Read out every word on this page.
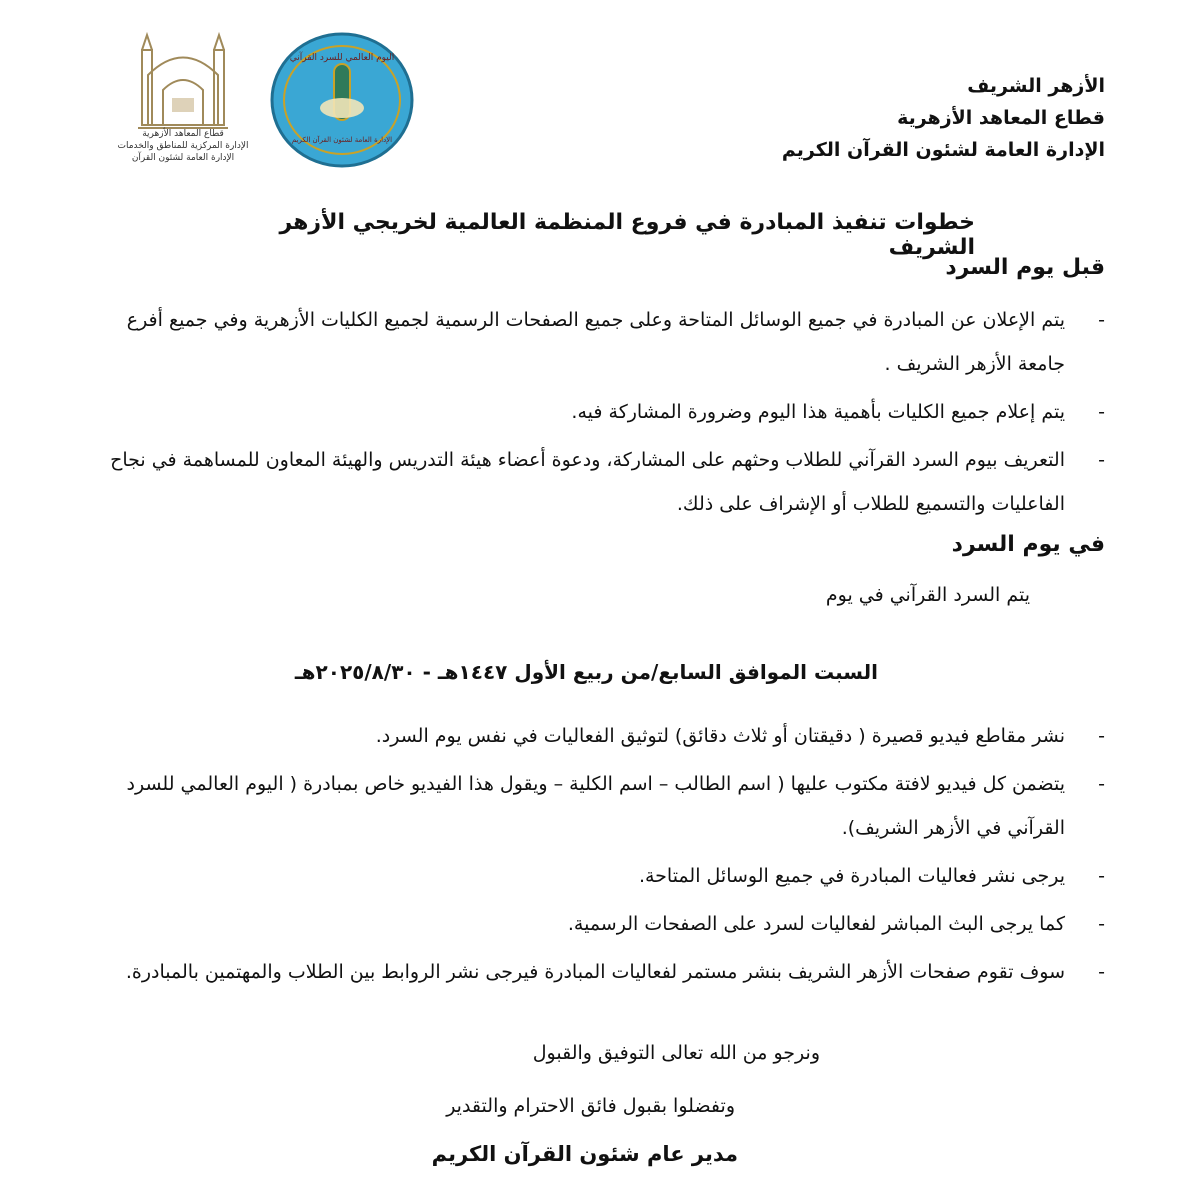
الأزهر الشريف
قطاع المعاهد الأزهرية
الإدارة العامة لشئون القرآن الكريم
اليوم العالمي للسرد القرآني
الإدارة العامة لشئون القرآن الكريم
قطاع المعاهد الأزهرية
الإدارة المركزية للمناطق والخدمات
الإدارة العامة لشئون القرآن
خطوات تنفيذ المبادرة في فروع المنظمة العالمية لخريجي الأزهر الشريف
قبل يوم السرد
-
يتم الإعلان عن المبادرة في جميع الوسائل المتاحة وعلى جميع الصفحات الرسمية لجميع الكليات الأزهرية وفي جميع أفرع جامعة الأزهر الشريف .
-
يتم إعلام جميع الكليات بأهمية هذا اليوم وضرورة المشاركة فيه.
-
التعريف بيوم السرد القرآني للطلاب وحثهم على المشاركة، ودعوة أعضاء هيئة التدريس والهيئة المعاون للمساهمة في نجاح الفاعليات والتسميع للطلاب أو الإشراف على ذلك.
في يوم السرد
يتم السرد القرآني في يوم
السبت الموافق السابع/من ربيع الأول ١٤٤٧هـ - ٢٠٢٥/٨/٣٠هـ
-
نشر مقاطع فيديو قصيرة ( دقيقتان أو ثلاث دقائق) لتوثيق الفعاليات في نفس يوم السرد.
-
يتضمن كل فيديو لافتة مكتوب عليها ( اسم الطالب – اسم الكلية – ويقول هذا الفيديو خاص بمبادرة ( اليوم العالمي للسرد القرآني في الأزهر الشريف).
-
يرجى نشر فعاليات المبادرة في جميع الوسائل المتاحة.
-
كما يرجى البث المباشر لفعاليات لسرد على الصفحات الرسمية.
-
سوف تقوم صفحات الأزهر الشريف بنشر مستمر لفعاليات المبادرة فيرجى نشر الروابط بين الطلاب والمهتمين بالمبادرة.
ونرجو من الله تعالى التوفيق والقبول
وتفضلوا بقبول فائق الاحترام والتقدير
مدير عام شئون القرآن الكريم
